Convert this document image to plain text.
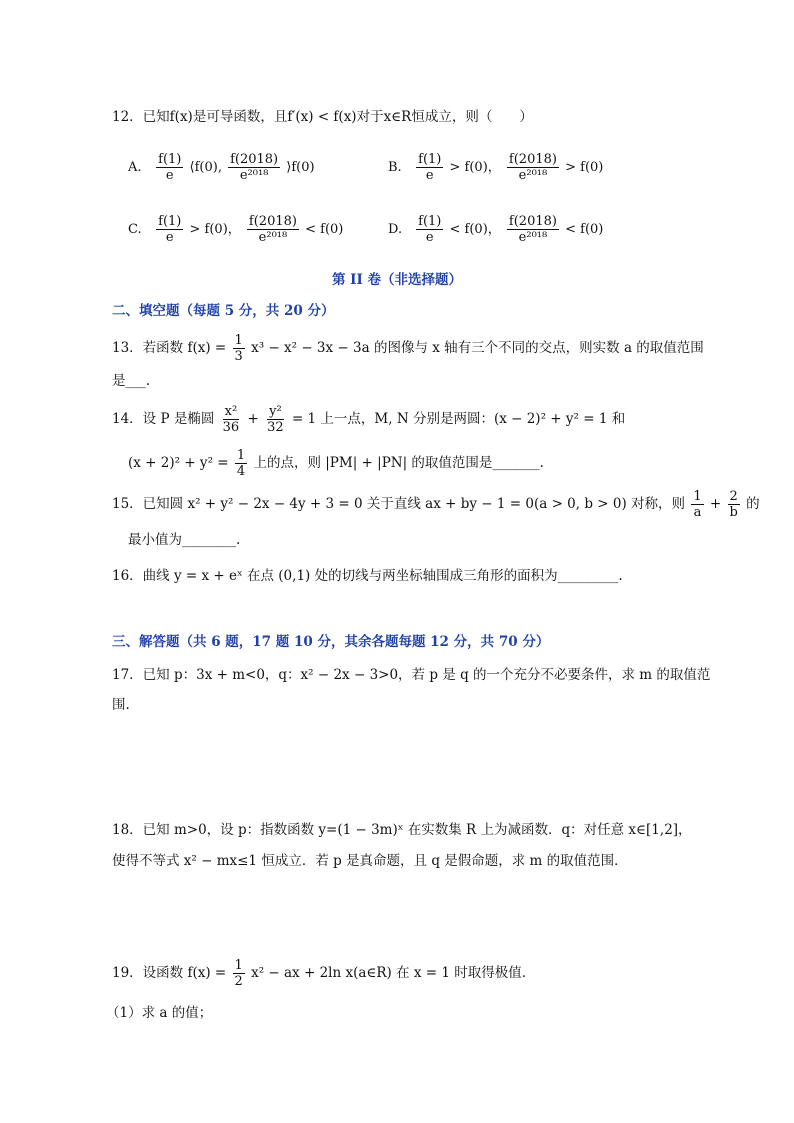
12．已知f(x)是可导函数，且f′(x) < f(x)对于x∈R恒成立，则（　　）
A. $\frac{f(1)}{e}$ ⟨f(0), $\frac{f(2018)}{\text{e²⁰¹⁸}}$ ⟩f(0)	B. $\frac{f(1)}{e} > f(0)$， $\frac{f(2018)}{\text{e²⁰¹⁸}} > f(0)$
C. $\frac{f(1)}{e} > f(0)$， $\frac{f(2018)}{\text{e²⁰¹⁸}} < f(0)$	D. $\frac{f(1)}{e} < f(0)$， $\frac{f(2018)}{\text{e²⁰¹⁸}} < f(0)$
第 II 卷（非选择题）
二、填空题（每题 5 分，共 20 分）
13．若函数 $f(x) = \frac{1}{3} x^3 - x^2 - 3x - 3a$ 的图像与 x 轴有三个不同的交点，则实数 a 的取值范围
是___.
14．设 P 是椭圆 $\frac{\text{x²}}{36} + \frac{\text{y²}}{32} = 1$ 上一点，M, N 分别是两圆：(x − 2)² + y² = 1 和
$(x + 2)^2 + y^2 = \frac{1}{4}$ 上的点，则 |PM| + |PN| 的取值范围是_______.
15．已知圆 x² + y² − 2x − 4y + 3 = 0 关于直线 ax + by − 1 = 0(a > 0, b > 0) 对称，则 $\frac{1}{a} + \frac{2}{b}$ 的
最小值为________.
16．曲线 y = x + eˣ 在点 (0,1) 处的切线与两坐标轴围成三角形的面积为_________.
三、解答题（共 6 题，17 题 10 分，其余各题每题 12 分，共 70 分）
17．已知 p：3x + m<0，q：x² − 2x − 3>0，若 p 是 q 的一个充分不必要条件，求 m 的取值范
围.
18．已知 m>0，设 p：指数函数 y=(1 − 3m)ˣ 在实数集 R 上为减函数．q：对任意 x∈[1,2]，
使得不等式 x² − mx≤1 恒成立．若 p 是真命题，且 q 是假命题，求 m 的取值范围．
19．设函数 $f(x) = \frac{1}{2} x^2$ − ax + 2ln x(a∈R) 在 x = 1 时取得极值．
（1）求 a 的值；
